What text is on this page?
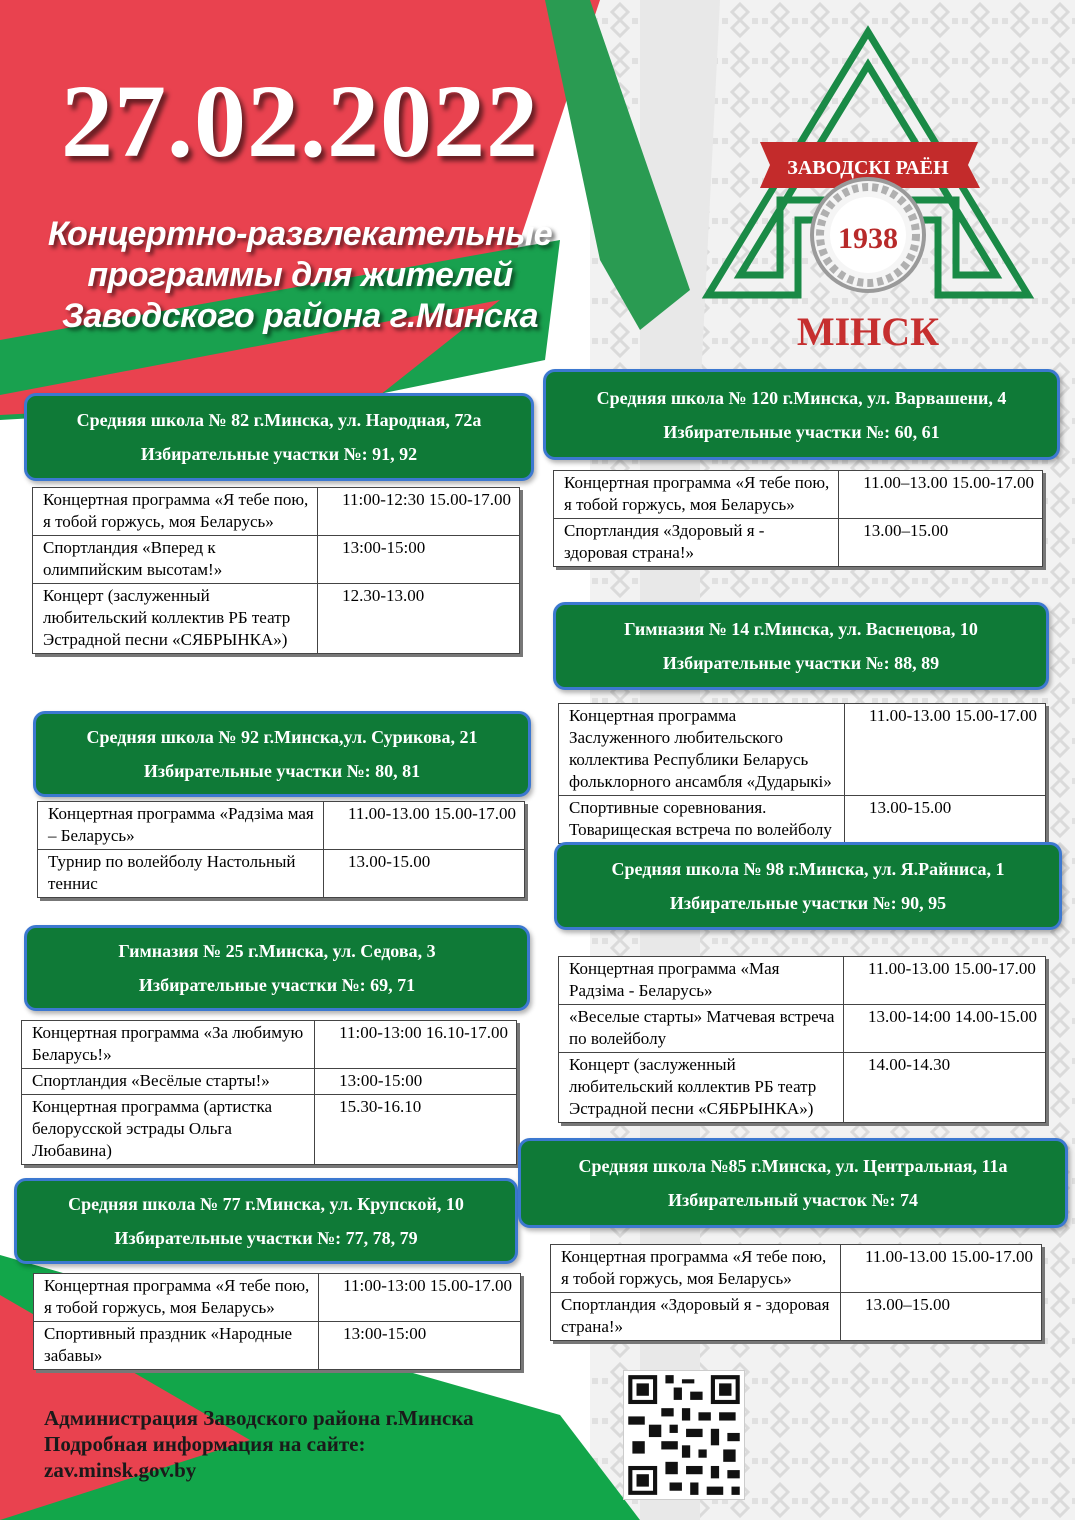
27.02.2022
Концертно-развлекательные
программы для жителей
Заводского района г.Минска
ЗАВОДСКІ РАЁН
1938
МІНСК
Средняя школа № 82 г.Минска, ул. Народная, 72а
Избирательные участки №: 91, 92
Концертная программа «Я тебе пою, я тобой горжусь, моя Беларусь»	11:00-12:30 15.00-17.00
Спортландия «Вперед к олимпийским высотам!»	13:00-15:00
Концерт (заслуженный любительский коллектив РБ театр Эстрадной песни «СЯБРЫНКА»)	12.30-13.00
Средняя школа № 92 г.Минска,ул. Сурикова, 21
Избирательные участки №: 80, 81
Концертная программа «Радзіма мая – Беларусь»	11.00-13.00 15.00-17.00
Турнир по волейболу Настольный теннис	13.00-15.00
Гимназия № 25 г.Минска, ул. Седова, 3
Избирательные участки №: 69, 71
Концертная программа «За любимую Беларусь!»	11:00-13:00 16.10-17.00
Спортландия «Весёлые старты!»	13:00-15:00
Концертная программа (артистка белорусской эстрады Ольга Любавина)	15.30-16.10
Средняя школа № 77 г.Минска, ул. Крупской, 10
Избирательные участки №: 77, 78, 79
Концертная программа «Я тебе пою, я тобой горжусь, моя Беларусь»	11:00-13:00 15.00-17.00
Спортивный праздник «Народные забавы»	13:00-15:00
Средняя школа № 120 г.Минска, ул. Варвашени, 4
Избирательные участки №: 60, 61
Концертная программа «Я тебе пою, я тобой горжусь, моя Беларусь»	11.00–13.00 15.00-17.00
Спортландия «Здоровый я - здоровая страна!»	13.00–15.00
Гимназия № 14 г.Минска, ул. Васнецова, 10
Избирательные участки №: 88, 89
Концертная программа Заслуженного любительского коллектива Республики Беларусь фольклорного ансамбля «Дударыкі»	11.00-13.00 15.00-17.00
Спортивные соревнования. Товарищеская встреча по волейболу	13.00-15.00
Средняя школа № 98 г.Минска, ул. Я.Райниса, 1
Избирательные участки №: 90, 95
Концертная программа «Мая Радзіма - Беларусь»	11.00-13.00 15.00-17.00
«Веселые старты» Матчевая встреча по волейболу	13.00-14:00 14.00-15.00
Концерт (заслуженный любительский коллектив РБ театр Эстрадной песни «СЯБРЫНКА»)	14.00-14.30
Средняя школа №85 г.Минска, ул. Центральная, 11а
Избирательный участок №: 74
Концертная программа «Я тебе пою, я тобой горжусь, моя Беларусь»	11.00-13.00 15.00-17.00
Спортландия «Здоровый я - здоровая страна!»	13.00–15.00
Администрация Заводского района г.Минска
Подробная информация на сайте:
zav.minsk.gov.by
